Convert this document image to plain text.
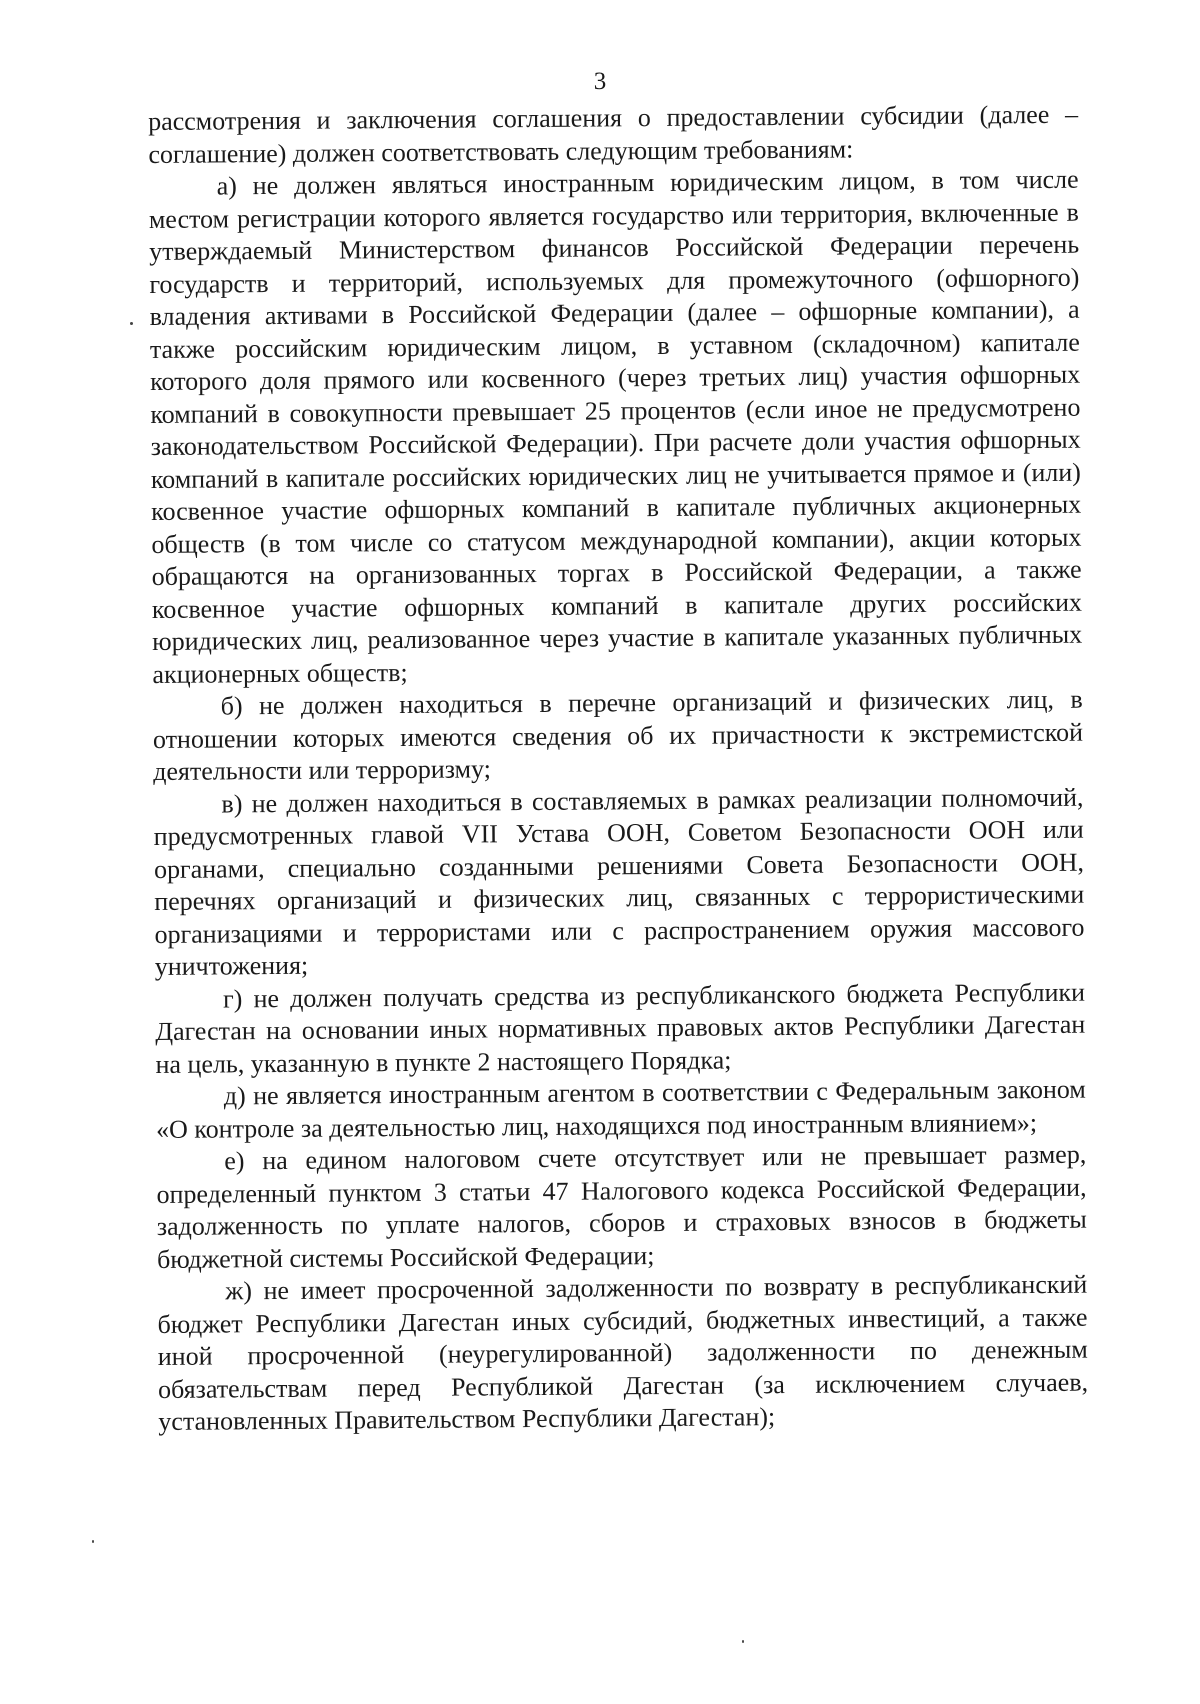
3

рассмотрения и заключения соглашения о предоставлении субсидии (далее – соглашение) должен соответствовать следующим требованиям:

а) не должен являться иностранным юридическим лицом, в том числе местом регистрации которого является государство или территория, включенные в утверждаемый Министерством финансов Российской Федерации перечень государств и территорий, используемых для промежуточного (офшорного) владения активами в Российской Федерации (далее – офшорные компании), а также российским юридическим лицом, в уставном (складочном) капитале которого доля прямого или косвенного (через третьих лиц) участия офшорных компаний в совокупности превышает 25 процентов (если иное не предусмотрено законодательством Российской Федерации). При расчете доли участия офшорных компаний в капитале российских юридических лиц не учитывается прямое и (или) косвенное участие офшорных компаний в капитале публичных акционерных обществ (в том числе со статусом международной компании), акции которых обращаются на организованных торгах в Российской Федерации, а также косвенное участие офшорных компаний в капитале других российских юридических лиц, реализованное через участие в капитале указанных публичных акционерных обществ;

б) не должен находиться в перечне организаций и физических лиц, в отношении которых имеются сведения об их причастности к экстремистской деятельности или терроризму;

в) не должен находиться в составляемых в рамках реализации полномочий, предусмотренных главой VII Устава ООН, Советом Безопасности ООН или органами, специально созданными решениями Совета Безопасности ООН, перечнях организаций и физических лиц, связанных с террористическими организациями и террористами или с распространением оружия массового уничтожения;

г) не должен получать средства из республиканского бюджета Республики Дагестан на основании иных нормативных правовых актов Республики Дагестан на цель, указанную в пункте 2 настоящего Порядка;

д) не является иностранным агентом в соответствии с Федеральным законом «О контроле за деятельностью лиц, находящихся под иностранным влиянием»;

е) на едином налоговом счете отсутствует или не превышает размер, определенный пунктом 3 статьи 47 Налогового кодекса Российской Федерации, задолженность по уплате налогов, сборов и страховых взносов в бюджеты бюджетной системы Российской Федерации;

ж) не имеет просроченной задолженности по возврату в республиканский бюджет Республики Дагестан иных субсидий, бюджетных инвестиций, а также иной просроченной (неурегулированной) задолженности по денежным обязательствам перед Республикой Дагестан (за исключением случаев, установленных Правительством Республики Дагестан);
